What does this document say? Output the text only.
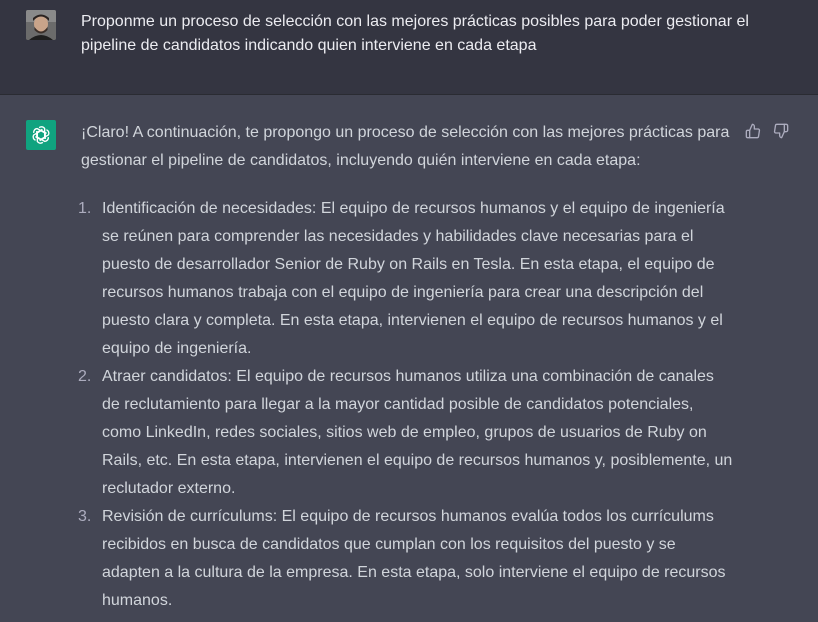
Proponme un proceso de selección con las mejores prácticas posibles para poder gestionar el pipeline de candidatos indicando quien interviene en cada etapa

¡Claro! A continuación, te propongo un proceso de selección con las mejores prácticas para gestionar el pipeline de candidatos, incluyendo quién interviene en cada etapa:

1. Identificación de necesidades: El equipo de recursos humanos y el equipo de ingeniería se reúnen para comprender las necesidades y habilidades clave necesarias para el puesto de desarrollador Senior de Ruby on Rails en Tesla. En esta etapa, el equipo de recursos humanos trabaja con el equipo de ingeniería para crear una descripción del puesto clara y completa. En esta etapa, intervienen el equipo de recursos humanos y el equipo de ingeniería.
2. Atraer candidatos: El equipo de recursos humanos utiliza una combinación de canales de reclutamiento para llegar a la mayor cantidad posible de candidatos potenciales, como LinkedIn, redes sociales, sitios web de empleo, grupos de usuarios de Ruby on Rails, etc. En esta etapa, intervienen el equipo de recursos humanos y, posiblemente, un reclutador externo.
3. Revisión de currículums: El equipo de recursos humanos evalúa todos los currículums recibidos en busca de candidatos que cumplan con los requisitos del puesto y se adapten a la cultura de la empresa. En esta etapa, solo interviene el equipo de recursos humanos.
